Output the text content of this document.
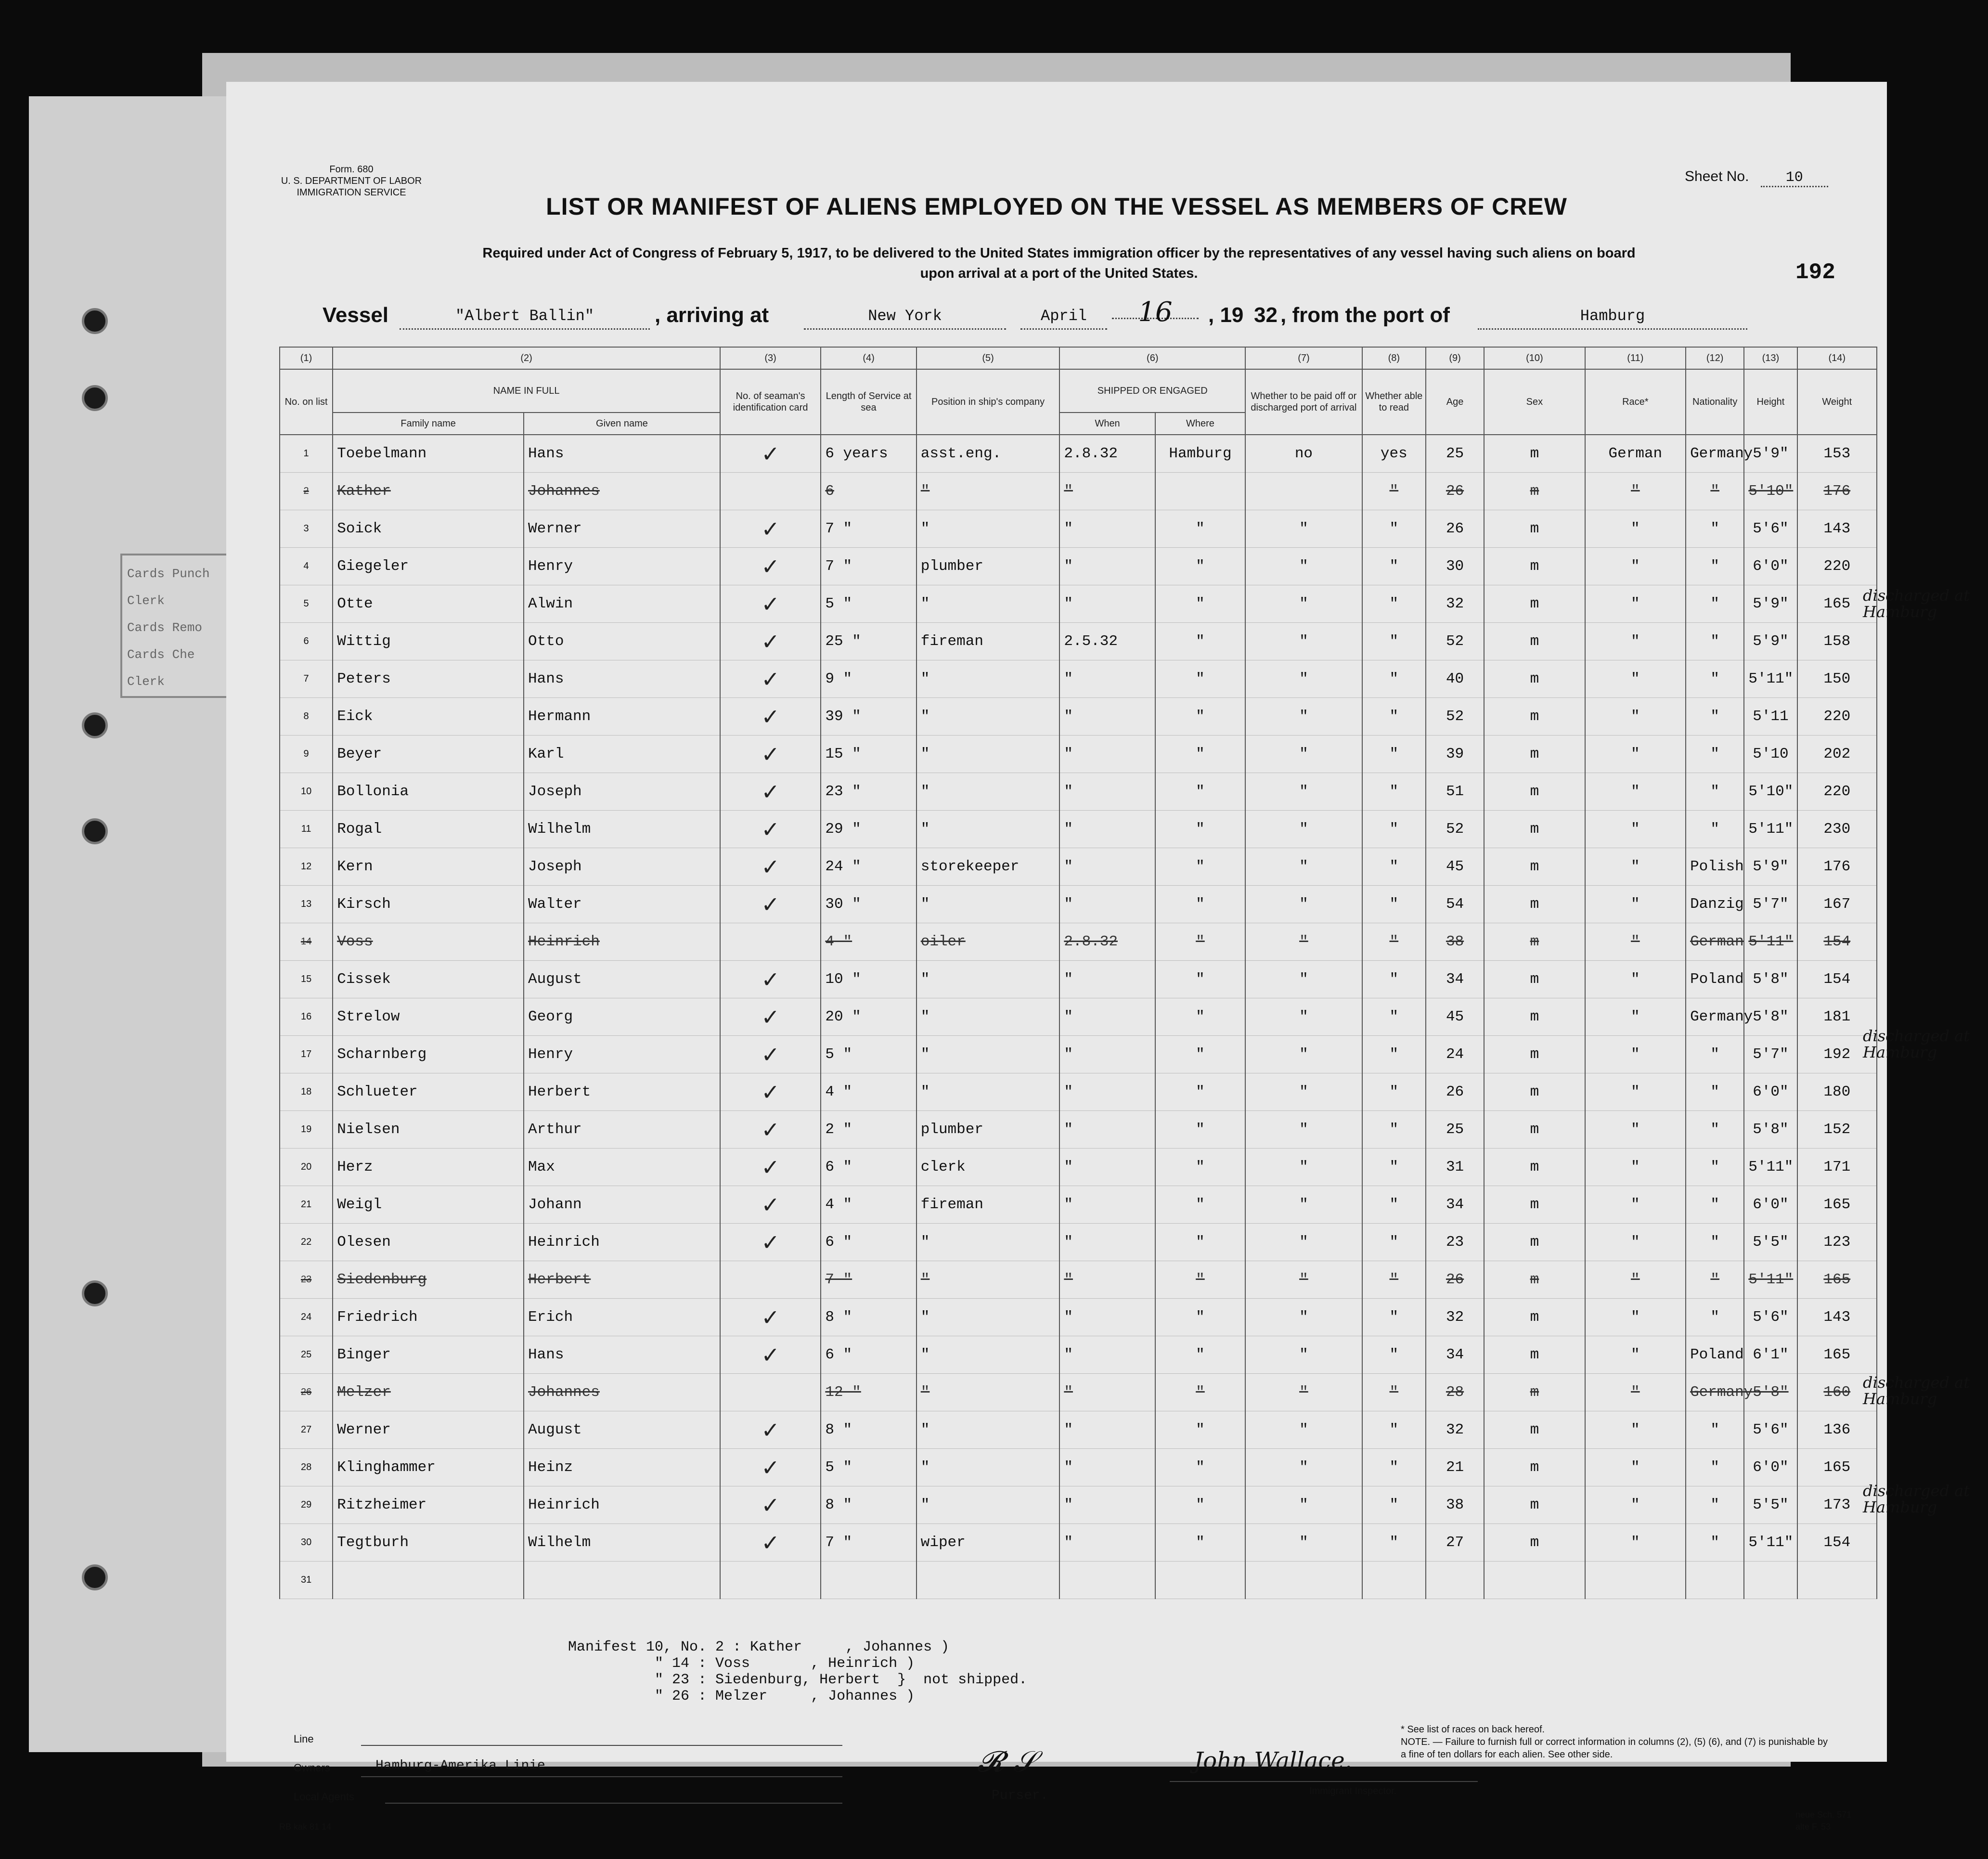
Cards Punch
Clerk
Cards Remo
Cards Che
Clerk
Form. 680
U. S. DEPARTMENT OF LABOR
IMMIGRATION SERVICE
Sheet No.	10
LIST OR MANIFEST OF ALIENS EMPLOYED ON THE VESSEL AS MEMBERS OF CREW
Required under Act of Congress of February 5, 1917, to be delivered to the United States immigration officer by the representatives of any vessel having such aliens on board
upon arrival at a port of the United States.	192
Vessel	"Albert Ballin"	, arriving at	New York	April	16	, 19 32 , from the port of	Hamburg
(1)	(2)		(3)	(4)	(5)	(6)		(7)	(8)	(9)	(10)	(11)	(12)	(13)	(14)
No. on list	NAME IN FULL		No. of seaman's identification card	Length of Service at sea	Position in ship's company	SHIPPED OR ENGAGED		Whether to be paid off or discharged port of arrival	Whether able to read	Age	Sex	Race*	Nationality	Height	Weight
	Family name	Given name				When	Where								
1	Toebelmann	Hans	✓	6 years	asst.eng.	2.8.32	Hamburg	no	yes	25	m	German	Germany	5'9"	153
2	Kather	Johannes		6	"	"			"	26	m	"	"	5'10"	176
3	Soick	Werner	✓	7 "	"	"	"	"	"	26	m	"	"	5'6"	143
4	Giegeler	Henry	✓	7 "	plumber	"	"	"	"	30	m	"	"	6'0"	220
5	Otte	Alwin	✓	5 "	"	"	"	"	"	32	m	"	"	5'9"	165
6	Wittig	Otto	✓	25 "	fireman	2.5.32	"	"	"	52	m	"	"	5'9"	158
7	Peters	Hans	✓	9 "	"	"	"	"	"	40	m	"	"	5'11"	150
8	Eick	Hermann	✓	39 "	"	"	"	"	"	52	m	"	"	5'11	220
9	Beyer	Karl	✓	15 "	"	"	"	"	"	39	m	"	"	5'10	202
10	Bollonia	Joseph	✓	23 "	"	"	"	"	"	51	m	"	"	5'10"	220
11	Rogal	Wilhelm	✓	29 "	"	"	"	"	"	52	m	"	"	5'11"	230
12	Kern	Joseph	✓	24 "	storekeeper	"	"	"	"	45	m	"	Polish	5'9"	176
13	Kirsch	Walter	✓	30 "	"	"	"	"	"	54	m	"	Danzig	5'7"	167
14	Voss	Heinrich		4 "	oiler	2.8.32	"	"	"	38	m	"	German	5'11"	154
15	Cissek	August	✓	10 "	"	"	"	"	"	34	m	"	Poland	5'8"	154
16	Strelow	Georg	✓	20 "	"	"	"	"	"	45	m	"	Germany	5'8"	181
17	Scharnberg	Henry	✓	5 "	"	"	"	"	"	24	m	"	"	5'7"	192
18	Schlueter	Herbert	✓	4 "	"	"	"	"	"	26	m	"	"	6'0"	180
19	Nielsen	Arthur	✓	2 "	plumber	"	"	"	"	25	m	"	"	5'8"	152
20	Herz	Max	✓	6 "	clerk	"	"	"	"	31	m	"	"	5'11"	171
21	Weigl	Johann	✓	4 "	fireman	"	"	"	"	34	m	"	"	6'0"	165
22	Olesen	Heinrich	✓	6 "	"	"	"	"	"	23	m	"	"	5'5"	123
23	Siedenburg	Herbert		7 "	"	"	"	"	"	26	m	"	"	5'11"	165
24	Friedrich	Erich	✓	8 "	"	"	"	"	"	32	m	"	"	5'6"	143
25	Binger	Hans	✓	6 "	"	"	"	"	"	34	m	"	Poland	6'1"	165
26	Melzer	Johannes		12 "	"	"	"	"	"	28	m	"	Germany	5'8"	160
27	Werner	August	✓	8 "	"	"	"	"	"	32	m	"	"	5'6"	136
28	Klinghammer	Heinz	✓	5 "	"	"	"	"	"	21	m	"	"	6'0"	165
29	Ritzheimer	Heinrich	✓	8 "	"	"	"	"	"	38	m	"	"	5'5"	173
30	Tegtburh	Wilhelm	✓	7 "	wiper	"	"	"	"	27	m	"	"	5'11"	154
31															
discharged at Hamburg
discharged at Hamburg
discharged at Hamburg
discharged at Hamburg
Manifest 10, No. 2 : Kather     , Johannes )
" 14 : Voss       , Heinrich )
" 23 : Siedenburg, Herbert  }  not shipped.
" 26 : Melzer     , Johannes )
Line
Owners	Hamburg-Amerika Linie
Local Agents
𝓡 𝒮
Purser.
John Wallace.
Immigrant Inspector.
* See list of races on back hereof.
NOTE. — Failure to furnish full or correct information in columns (2), (5) (6), and (7) is punishable by a fine of ten dollars for each alien. See other side.
RB kak 81 14
neue Sch. 571
alte F. 53
